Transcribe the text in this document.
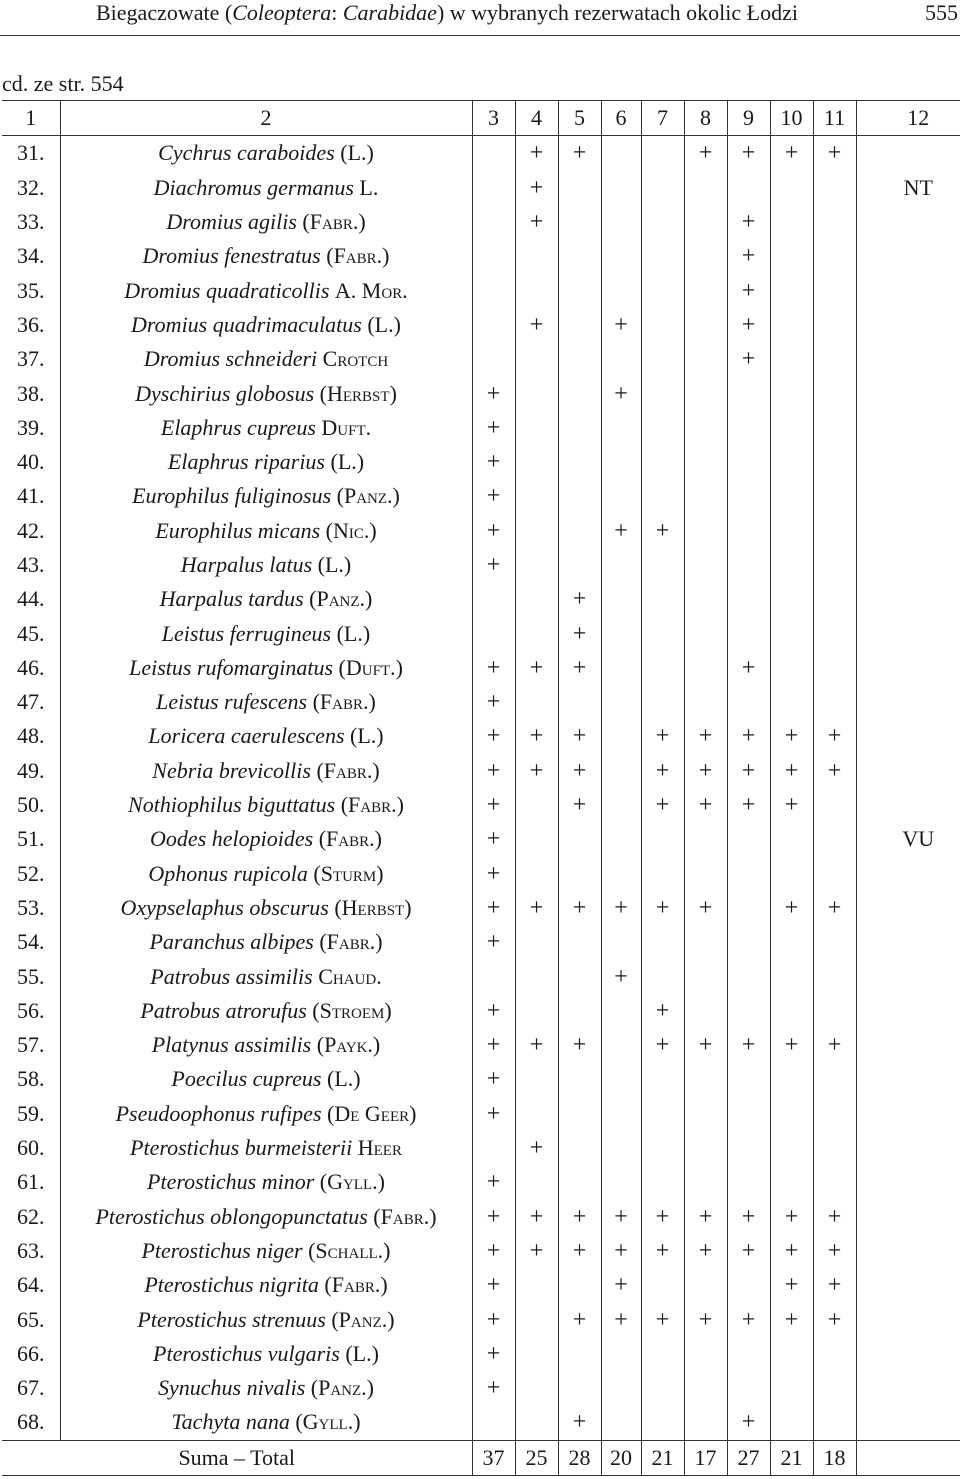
Biegaczowate (Coleoptera: Carabidae) w wybranych rezerwatach okolic Łodzi	555
cd. ze str. 554
1	2	3	4	5	6	7	8	9	10	11	12
31.	Cychrus caraboides (L.)		+	+			+	+	+	+	
32.	Diachromus germanus L.		+								NT
33.	Dromius agilis (Fabr.)		+					+			
34.	Dromius fenestratus (Fabr.)							+			
35.	Dromius quadraticollis A. Mor.							+			
36.	Dromius quadrimaculatus (L.)		+		+			+			
37.	Dromius schneideri Crotch							+			
38.	Dyschirius globosus (Herbst)	+			+						
39.	Elaphrus cupreus Duft.	+									
40.	Elaphrus riparius (L.)	+									
41.	Europhilus fuliginosus (Panz.)	+									
42.	Europhilus micans (Nic.)	+			+	+					
43.	Harpalus latus (L.)	+									
44.	Harpalus tardus (Panz.)			+							
45.	Leistus ferrugineus (L.)			+							
46.	Leistus rufomarginatus (Duft.)	+	+	+				+			
47.	Leistus rufescens (Fabr.)	+									
48.	Loricera caerulescens (L.)	+	+	+		+	+	+	+	+	
49.	Nebria brevicollis (Fabr.)	+	+	+		+	+	+	+	+	
50.	Nothiophilus biguttatus (Fabr.)	+		+		+	+	+	+		
51.	Oodes helopioides (Fabr.)	+									VU
52.	Ophonus rupicola (Sturm)	+									
53.	Oxypselaphus obscurus (Herbst)	+	+	+	+	+	+		+	+	
54.	Paranchus albipes (Fabr.)	+									
55.	Patrobus assimilis Chaud.				+						
56.	Patrobus atrorufus (Stroem)	+				+					
57.	Platynus assimilis (Payk.)	+	+	+		+	+	+	+	+	
58.	Poecilus cupreus (L.)	+									
59.	Pseudoophonus rufipes (De Geer)	+									
60.	Pterostichus burmeisterii Heer		+								
61.	Pterostichus minor (Gyll.)	+									
62.	Pterostichus oblongopunctatus (Fabr.)	+	+	+	+	+	+	+	+	+	
63.	Pterostichus niger (Schall.)	+	+	+	+	+	+	+	+	+	
64.	Pterostichus nigrita (Fabr.)	+			+				+	+	
65.	Pterostichus strenuus (Panz.)	+		+	+	+	+	+	+	+	
66.	Pterostichus vulgaris (L.)	+									
67.	Synuchus nivalis (Panz.)	+									
68.	Tachyta nana (Gyll.)			+				+			
Suma – Total		37	25	28	20	21	17	27	21	18	
